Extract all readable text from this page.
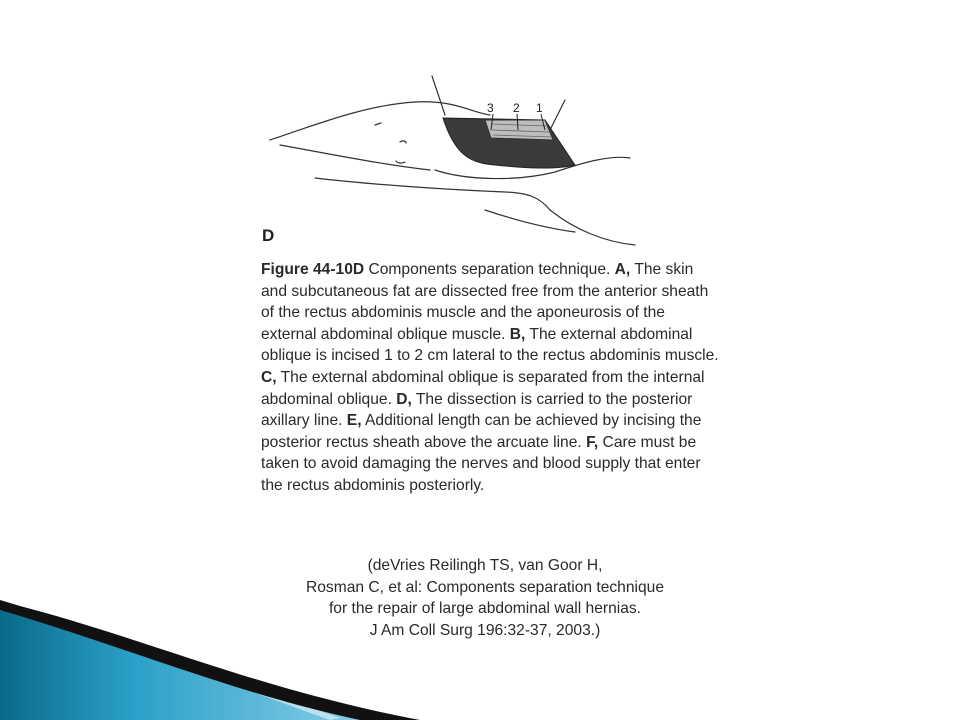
3 2 1
D
Figure 44-10D Components separation technique. A, The skin and subcutaneous fat are dissected free from the anterior sheath of the rectus abdominis muscle and the aponeurosis of the external abdominal oblique muscle. B, The external abdominal oblique is incised 1 to 2 cm lateral to the rectus abdominis muscle. C, The external abdominal oblique is separated from the internal abdominal oblique. D, The dissection is carried to the posterior axillary line. E, Additional length can be achieved by incising the posterior rectus sheath above the arcuate line. F, Care must be taken to avoid damaging the nerves and blood supply that enter the rectus abdominis posteriorly.
(deVries Reilingh TS, van Goor H,
Rosman C, et al: Components separation technique
for the repair of large abdominal wall hernias.
J Am Coll Surg 196:32-37, 2003.)
